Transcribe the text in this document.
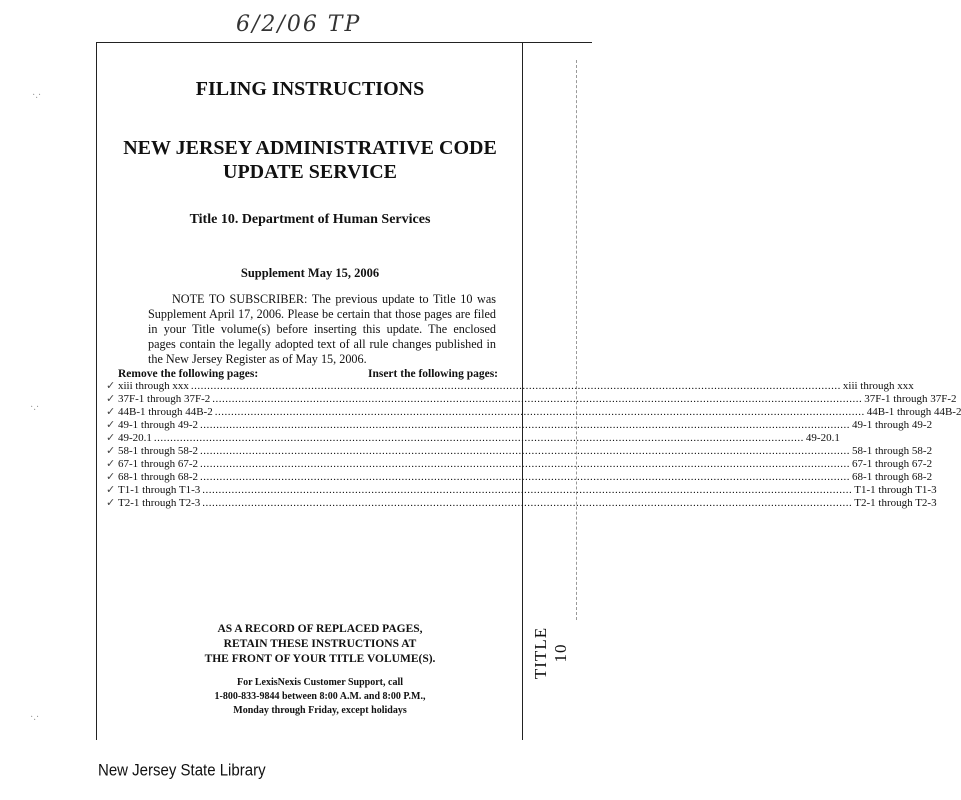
6/2/06 TP
FILING INSTRUCTIONS
NEW JERSEY ADMINISTRATIVE CODE
UPDATE SERVICE
Title 10. Department of Human Services
Supplement May 15, 2006
NOTE TO SUBSCRIBER: The previous update to Title 10 was Supplement April 17, 2006. Please be certain that those pages are filed in your Title volume(s) before inserting this update. The enclosed pages contain the legally adopted text of all rule changes published in the New Jersey Register as of May 15, 2006.
Remove the following pages:	Insert the following pages:
✓ xiii through xxx ........................................................................................................................................................................................................ xiii through xxx
✓ 37F-1 through 37F-2 ........................................................................................................................................................................................................ 37F-1 through 37F-2
✓ 44B-1 through 44B-2 ........................................................................................................................................................................................................ 44B-1 through 44B-2
✓ 49-1 through 49-2 ........................................................................................................................................................................................................ 49-1 through 49-2
✓ 49-20.1 ........................................................................................................................................................................................................ 49-20.1
✓ 58-1 through 58-2 ........................................................................................................................................................................................................ 58-1 through 58-2
✓ 67-1 through 67-2 ........................................................................................................................................................................................................ 67-1 through 67-2
✓ 68-1 through 68-2 ........................................................................................................................................................................................................ 68-1 through 68-2
✓ T1-1 through T1-3 ........................................................................................................................................................................................................ T1-1 through T1-3
✓ T2-1 through T2-3 ........................................................................................................................................................................................................ T2-1 through T2-3
AS A RECORD OF REPLACED PAGES,
RETAIN THESE INSTRUCTIONS AT
THE FRONT OF YOUR TITLE VOLUME(S).
For LexisNexis Customer Support, call
1-800-833-9844 between 8:00 A.M. and 8:00 P.M.,
Monday through Friday, except holidays
TITLE 10
New Jersey State Library
·.·
·.·
·.·
